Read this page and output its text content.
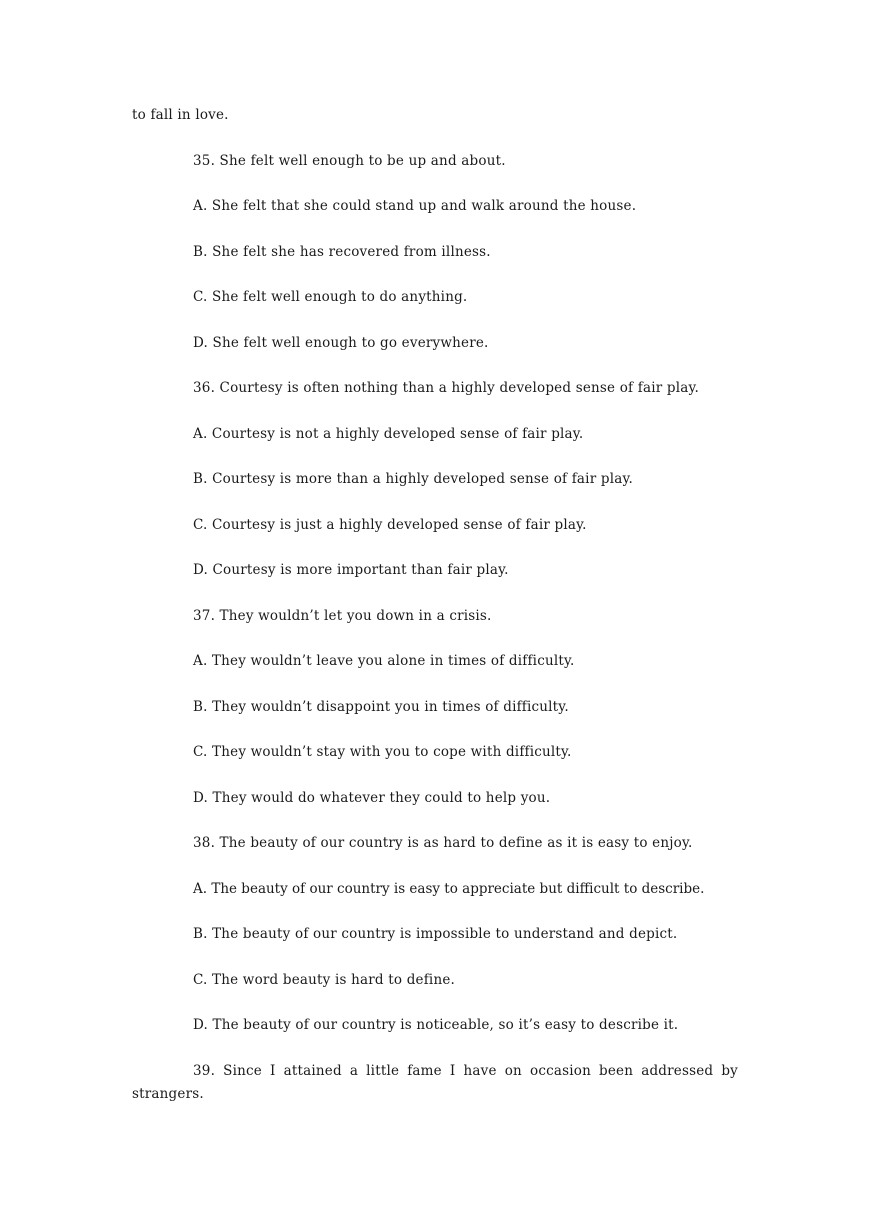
to fall in love.
35. She felt well enough to be up and about.
A. She felt that she could stand up and walk around the house.
B. She felt she has recovered from illness.
C. She felt well enough to do anything.
D. She felt well enough to go everywhere.
36. Courtesy is often nothing than a highly developed sense of fair play.
A. Courtesy is not a highly developed sense of fair play.
B. Courtesy is more than a highly developed sense of fair play.
C. Courtesy is just a highly developed sense of fair play.
D. Courtesy is more important than fair play.
37. They wouldn’t let you down in a crisis.
A. They wouldn’t leave you alone in times of difficulty.
B. They wouldn’t disappoint you in times of difficulty.
C. They wouldn’t stay with you to cope with difficulty.
D. They would do whatever they could to help you.
38. The beauty of our country is as hard to define as it is easy to enjoy.
A. The beauty of our country is easy to appreciate but difficult to describe.
B. The beauty of our country is impossible to understand and depict.
C. The word beauty is hard to define.
D. The beauty of our country is noticeable, so it’s easy to describe it.
39. Since I attained a little fame I have on occasion been addressed by
strangers.
